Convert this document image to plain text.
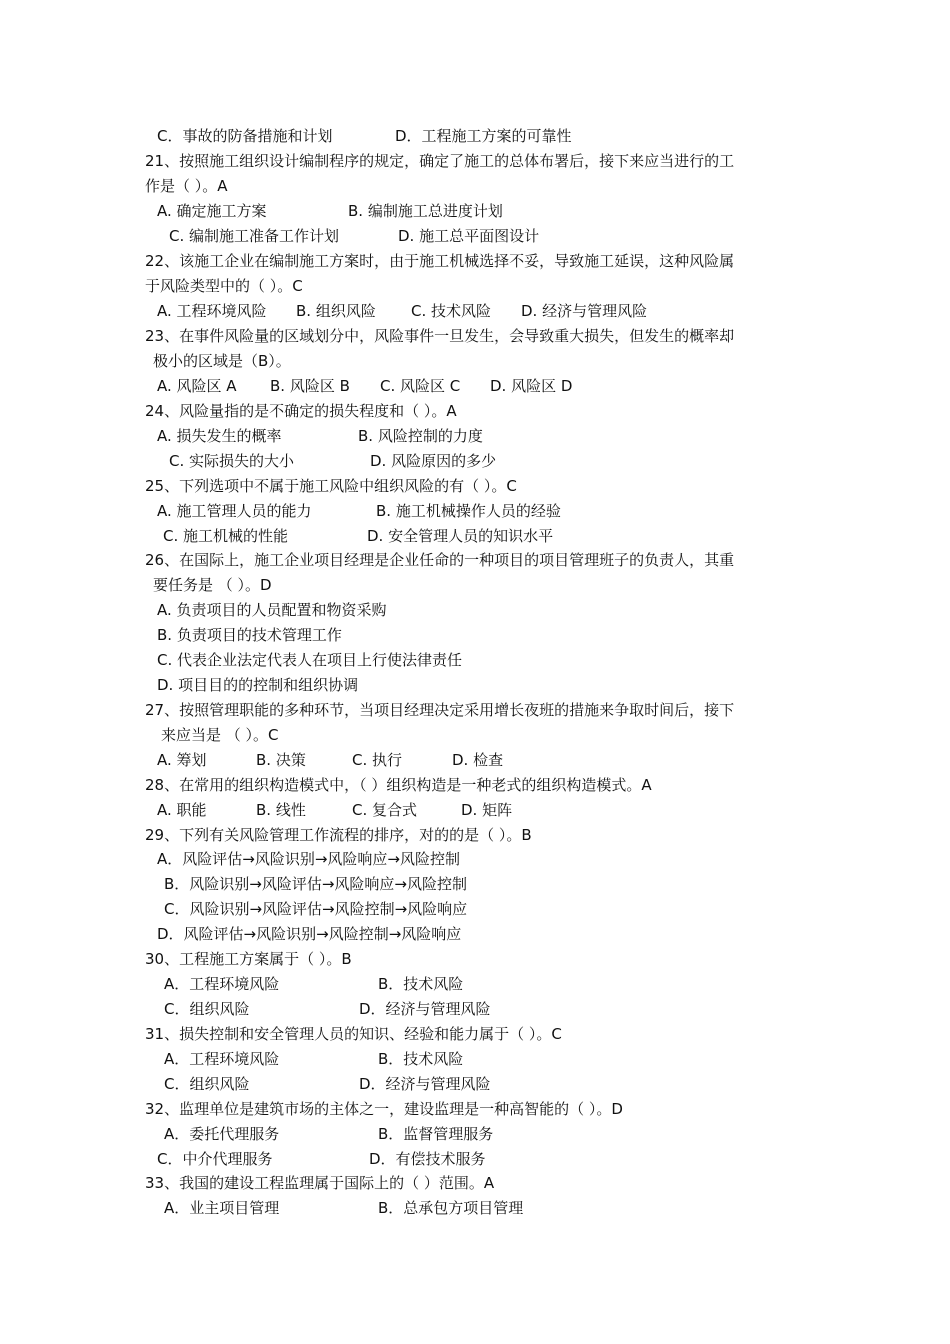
C．事故的防备措施和计划	D．工程施工方案的可靠性
21、按照施工组织设计编制程序的规定，确定了施工的总体布署后，接下来应当进行的工
作是（ ）。A
A. 确定施工方案	B. 编制施工总进度计划
C. 编制施工准备工作计划	D. 施工总平面图设计
22、该施工企业在编制施工方案时，由于施工机械选择不妥，导致施工延误，这种风险属
于风险类型中的（ ）。C
A. 工程环境风险 B. 组织风险 C. 技术风险 D. 经济与管理风险
23、在事件风险量的区域划分中，风险事件一旦发生，会导致重大损失，但发生的概率却
极小的区域是（B）。
A. 风险区 A B. 风险区 B C. 风险区 C D. 风险区 D
24、风险量指的是不确定的损失程度和（ ）。A
A. 损失发生的概率	B. 风险控制的力度
C. 实际损失的大小	D. 风险原因的多少
25、下列选项中不属于施工风险中组织风险的有（ ）。C
A. 施工管理人员的能力	B. 施工机械操作人员的经验
C. 施工机械的性能	D. 安全管理人员的知识水平
26、在国际上，施工企业项目经理是企业任命的一种项目的项目管理班子的负责人，其重
要任务是 （ ）。D
A. 负责项目的人员配置和物资采购
B. 负责项目的技术管理工作
C. 代表企业法定代表人在项目上行使法律责任
D. 项目目的的控制和组织协调
27、按照管理职能的多种环节，当项目经理决定采用增长夜班的措施来争取时间后，接下
来应当是 （ ）。C
A. 筹划	B. 决策	C. 执行	D. 检查
28、在常用的组织构造模式中，（ ）组织构造是一种老式的组织构造模式。A
A. 职能	B. 线性	C. 复合式	D. 矩阵
29、下列有关风险管理工作流程的排序，对的的是（ ）。B
A．风险评估→风险识别→风险响应→风险控制
B．风险识别→风险评估→风险响应→风险控制
C．风险识别→风险评估→风险控制→风险响应
D．风险评估→风险识别→风险控制→风险响应
30、工程施工方案属于（ ）。B
A．工程环境风险	B．技术风险
C．组织风险	D．经济与管理风险
31、损失控制和安全管理人员的知识、经验和能力属于（ ）。C
A．工程环境风险	B．技术风险
C．组织风险	D．经济与管理风险
32、监理单位是建筑市场的主体之一，建设监理是一种高智能的（ ）。D
A．委托代理服务	B．监督管理服务
C．中介代理服务	D．有偿技术服务
33、我国的建设工程监理属于国际上的（ ）范围。A
A．业主项目管理	B．总承包方项目管理
